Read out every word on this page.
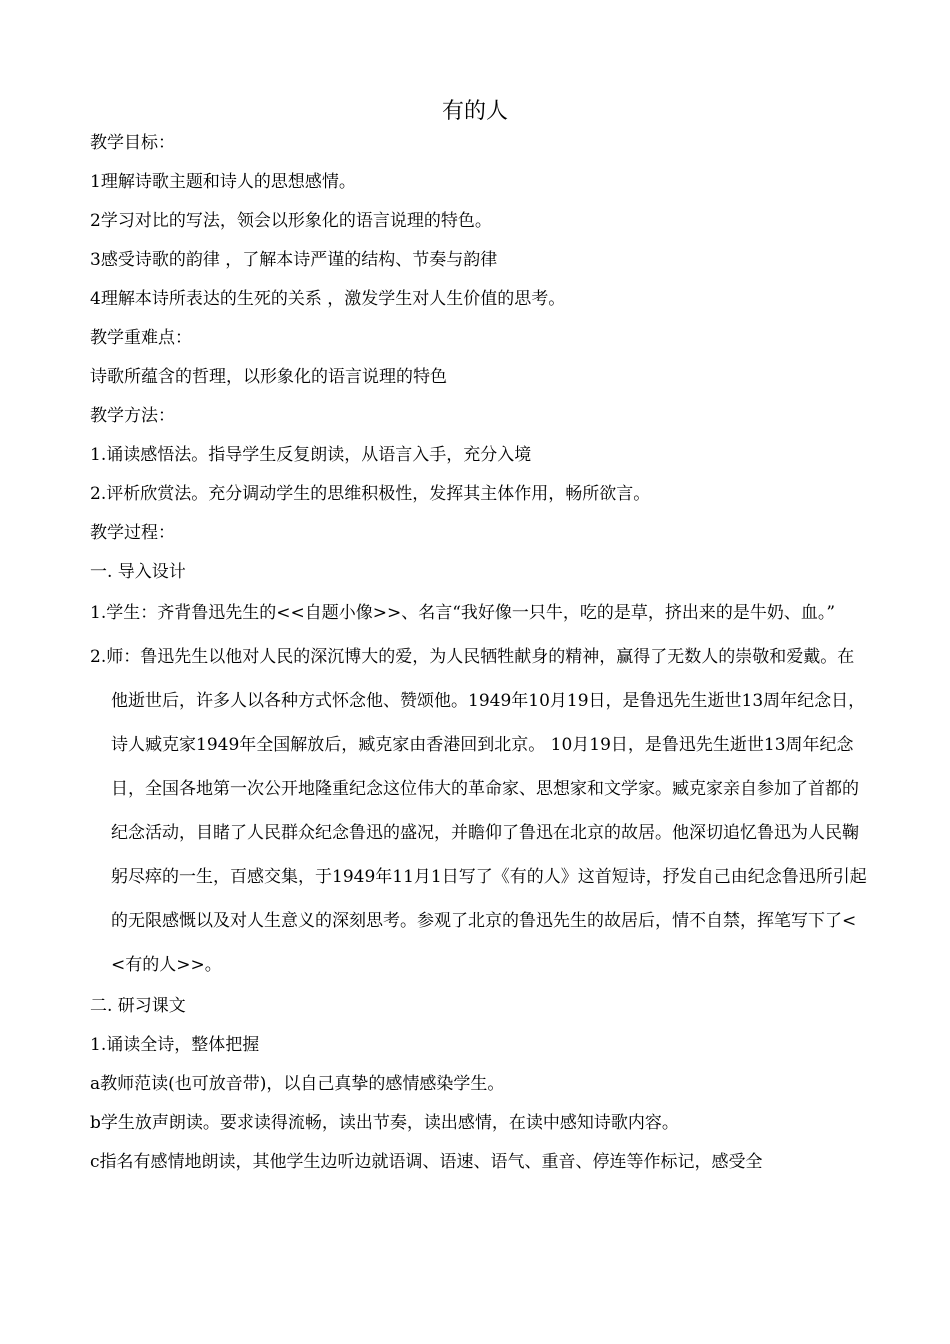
有的人
教学目标：
1理解诗歌主题和诗人的思想感情。
2学习对比的写法，领会以形象化的语言说理的特色。
3感受诗歌的韵律 ，了解本诗严谨的结构、节奏与韵律
4理解本诗所表达的生死的关系 ，激发学生对人生价值的思考。
教学重难点：
诗歌所蕴含的哲理，以形象化的语言说理的特色
教学方法：
1.诵读感悟法。指导学生反复朗读，从语言入手，充分入境
2.评析欣赏法。充分调动学生的思维积极性，发挥其主体作用，畅所欲言。
教学过程：
一. 导入设计
1.学生：齐背鲁迅先生的<<自题小像>>、名言“我好像一只牛，吃的是草，挤出来的是牛奶、血。”
2.师：鲁迅先生以他对人民的深沉博大的爱，为人民牺牲献身的精神，赢得了无数人的崇敬和爱戴。在他逝世后，许多人以各种方式怀念他、赞颂他。1949年10月19日，是鲁迅先生逝世13周年纪念日，诗人臧克家1949年全国解放后，臧克家由香港回到北京。 10月19日，是鲁迅先生逝世13周年纪念日，全国各地第一次公开地隆重纪念这位伟大的革命家、思想家和文学家。臧克家亲自参加了首都的纪念活动，目睹了人民群众纪念鲁迅的盛况，并瞻仰了鲁迅在北京的故居。他深切追忆鲁迅为人民鞠躬尽瘁的一生，百感交集，于1949年11月1日写了《有的人》这首短诗，抒发自己由纪念鲁迅所引起的无限感慨以及对人生意义的深刻思考。参观了北京的鲁迅先生的故居后，情不自禁，挥笔写下了<<有的人>>。
二. 研习课文
1.诵读全诗，整体把握
a教师范读(也可放音带)，以自己真挚的感情感染学生。
b学生放声朗读。要求读得流畅，读出节奏，读出感情，在读中感知诗歌内容。
c指名有感情地朗读，其他学生边听边就语调、语速、语气、重音、停连等作标记，感受全
